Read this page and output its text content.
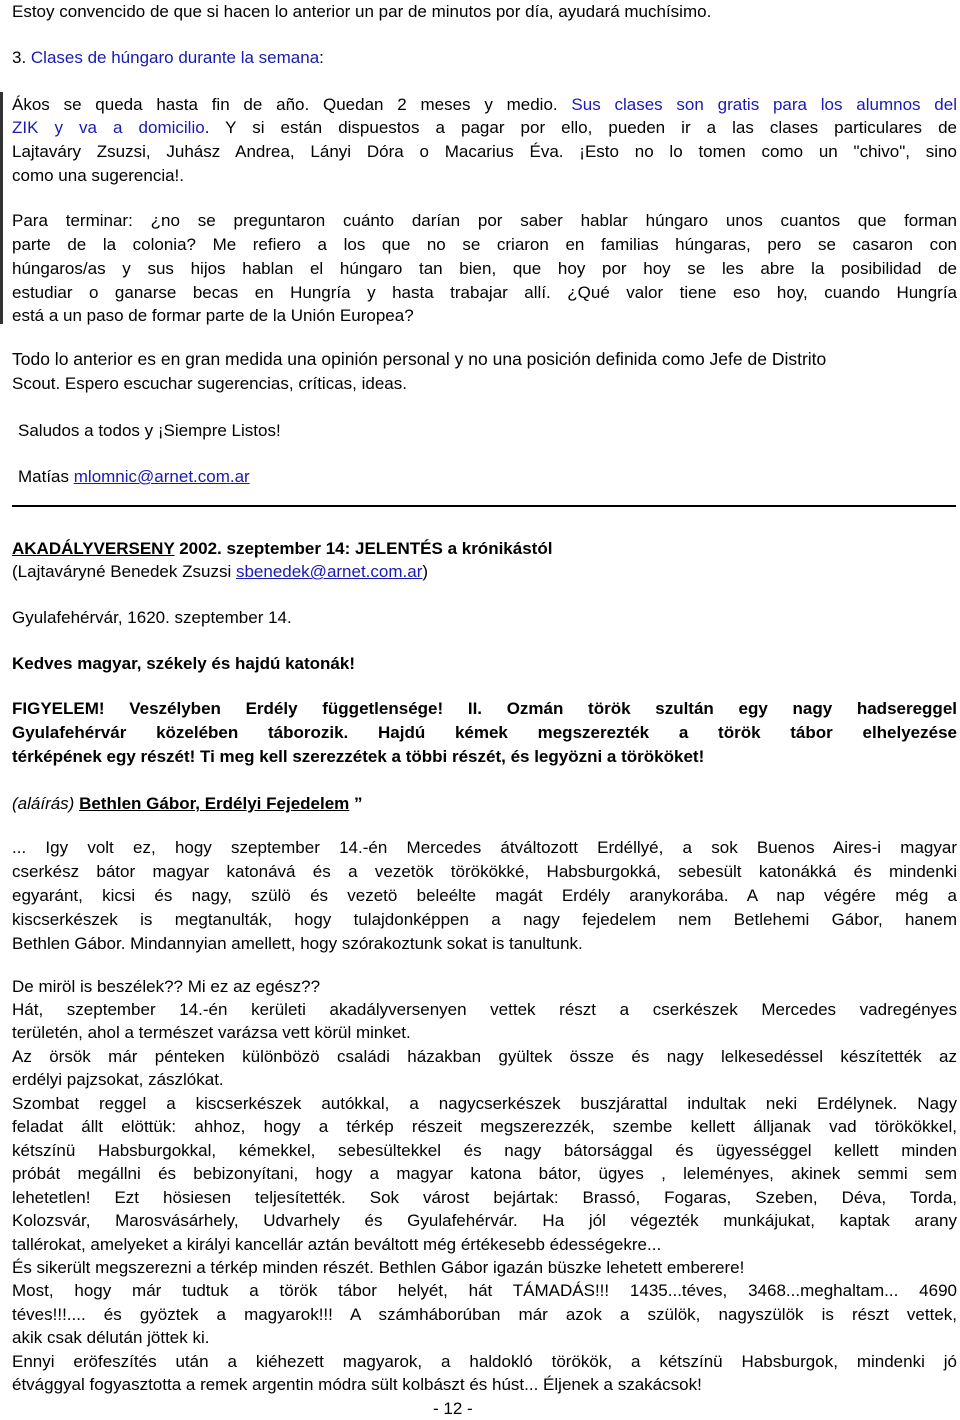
Estoy convencido de que si hacen lo anterior un par de minutos por día, ayudará muchísimo.
3. Clases de húngaro durante la semana:
Ákos se queda hasta fin de año. Quedan 2 meses y medio. Sus clases son gratis para los alumnos del
ZIK y va a domicilio. Y si están dispuestos a pagar por ello, pueden ir a las clases particulares de
Lajtaváry Zsuzsi, Juhász Andrea, Lányi Dóra o Macarius Éva. ¡Esto no lo tomen como un "chivo", sino
como una sugerencia!.
Para terminar: ¿no se preguntaron cuánto darían por saber hablar húngaro unos cuantos que forman
parte de la colonia? Me refiero a los que no se criaron en familias húngaras, pero se casaron con
húngaros/as y sus hijos hablan el húngaro tan bien, que hoy por hoy se les abre la posibilidad de
estudiar o ganarse becas en Hungría y hasta trabajar allí. ¿Qué valor tiene eso hoy, cuando Hungría
está a un paso de formar parte de la Unión Europea?
Todo lo anterior es en gran medida una opinión personal y no una posición definida como Jefe de Distrito
Scout. Espero escuchar sugerencias, críticas, ideas.
Saludos a todos y ¡Siempre Listos!
Matías mlomnic@arnet.com.ar
AKADÁLYVERSENY 2002. szeptember 14: JELENTÉS a krónikástól
(Lajtaváryné Benedek Zsuzsi sbenedek@arnet.com.ar)
Gyulafehérvár, 1620. szeptember 14.
Kedves magyar, székely és hajdú katonák!
FIGYELEM! Veszélyben Erdély függetlensége! II. Ozmán török szultán egy nagy hadsereggel
Gyulafehérvár közelében táborozik. Hajdú kémek megszerezték a török tábor elhelyezése
térképének egy részét! Ti meg kell szerezzétek a többi részét, és legyözni a törököket!
(aláírás) Bethlen Gábor, Erdélyi Fejedelem ”
... Igy volt ez, hogy szeptember 14.-én Mercedes átváltozott Erdéllyé, a sok Buenos Aires-i magyar
cserkész bátor magyar katonává és a vezetök törökökké, Habsburgokká, sebesült katonákká és mindenki
egyaránt, kicsi és nagy, szülö és vezetö beleélte magát Erdély aranykorába. A nap végére még a
kiscserkészek is megtanulták, hogy tulajdonképpen a nagy fejedelem nem Betlehemi Gábor, hanem
Bethlen Gábor. Mindannyian amellett, hogy szórakoztunk sokat is tanultunk.
De miröl is beszélek?? Mi ez az egész??
Hát, szeptember 14.-én kerületi akadályversenyen vettek részt a cserkészek Mercedes vadregényes
területén, ahol a természet varázsa vett körül minket.
Az örsök már pénteken különbözö családi házakban gyültek össze és nagy lelkesedéssel készítették az
erdélyi pajzsokat, zászlókat.
Szombat reggel a kiscserkészek autókkal, a nagycserkészek buszjárattal indultak neki Erdélynek. Nagy
feladat állt elöttük: ahhoz, hogy a térkép részeit megszerezzék, szembe kellett álljanak vad törökökkel,
kétszínü Habsburgokkal, kémekkel, sebesültekkel és nagy bátorsággal és ügyességgel kellett minden
próbát megállni és bebizonyítani, hogy a magyar katona bátor, ügyes , leleményes, akinek semmi sem
lehetetlen! Ezt hösiesen teljesítették. Sok várost bejártak: Brassó, Fogaras, Szeben, Déva, Torda,
Kolozsvár, Marosvásárhely, Udvarhely és Gyulafehérvár. Ha jól végezték munkájukat, kaptak arany
tallérokat, amelyeket a királyi kancellár aztán beváltott még értékesebb édességekre...
És sikerült megszerezni a térkép minden részét. Bethlen Gábor igazán büszke lehetett emberere!
Most, hogy már tudtuk a török tábor helyét, hát TÁMADÁS!!! 1435...téves, 3468...meghaltam... 4690
téves!!!.... és gyöztek a magyarok!!! A számháborúban már azok a szülök, nagyszülök is részt vettek,
akik csak délután jöttek ki.
Ennyi eröfeszítés után a kiéhezett magyarok, a haldokló törökök, a kétszínü Habsburgok, mindenki jó
étvággyal fogyasztotta a remek argentin módra sült kolbászt és húst... Éljenek a szakácsok!
- 12 -
